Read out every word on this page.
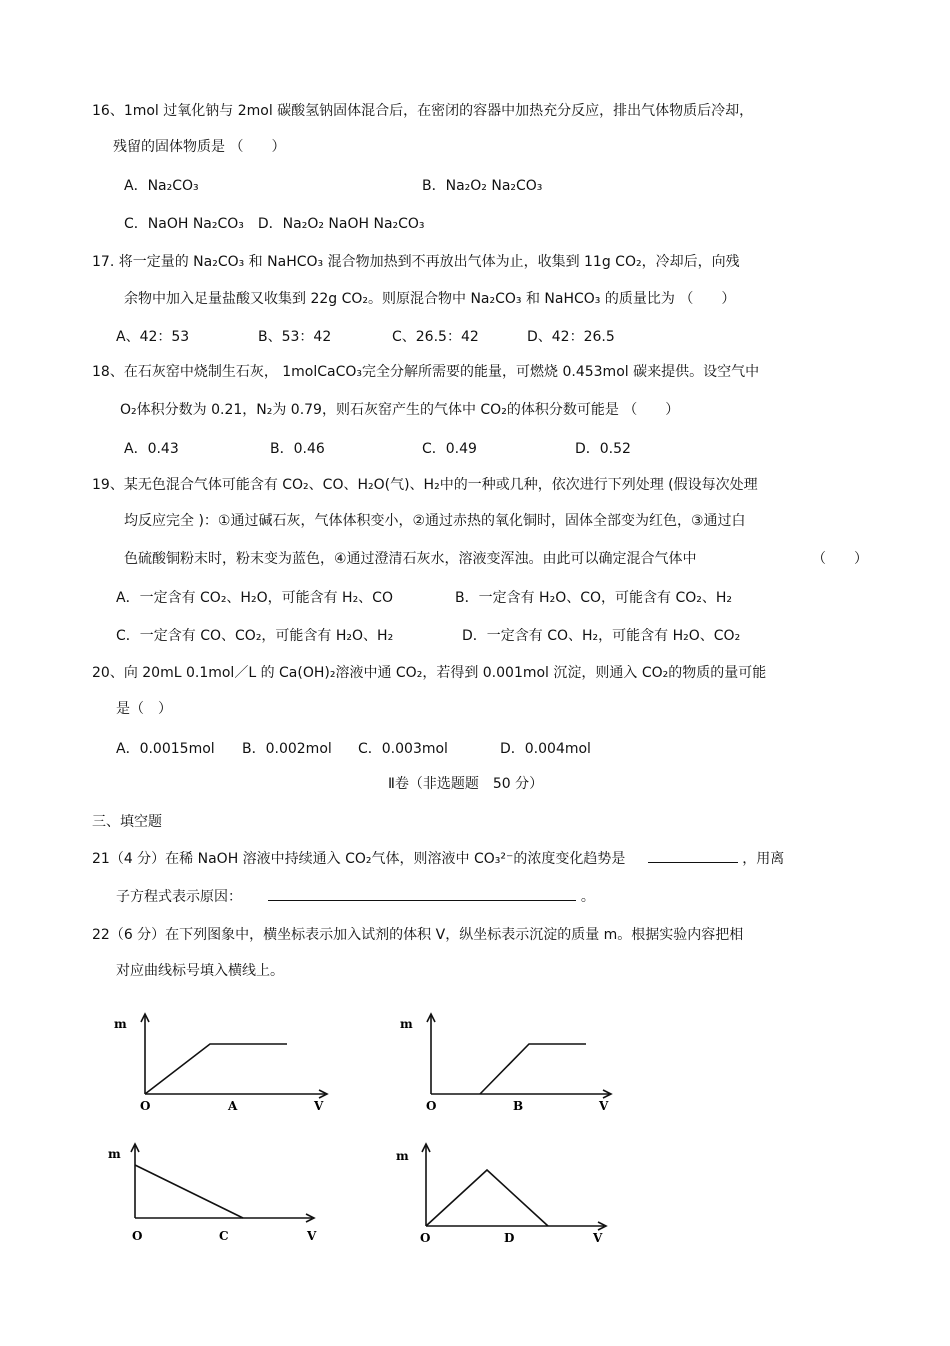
16、1mol 过氧化钠与 2mol 碳酸氢钠固体混合后，在密闭的容器中加热充分反应，排出气体物质后冷却，
残留的固体物质是 （　　）
A．Na₂CO₃	B．Na₂O₂ Na₂CO₃
C．NaOH Na₂CO₃　D．Na₂O₂ NaOH Na₂CO₃
17. 将一定量的 Na₂CO₃ 和 NaHCO₃ 混合物加热到不再放出气体为止，收集到 11g CO₂，冷却后，向残
余物中加入足量盐酸又收集到 22g CO₂。则原混合物中 Na₂CO₃ 和 NaHCO₃ 的质量比为 （　　）
A、42：53	B、53：42	C、26.5：42	D、42：26.5
18、在石灰窑中烧制生石灰， 1molCaCO₃完全分解所需要的能量，可燃烧 0.453mol 碳来提供。设空气中
O₂体积分数为 0.21，N₂为 0.79，则石灰窑产生的气体中 CO₂的体积分数可能是 （　　）
A．0.43	B．0.46	C．0.49	D．0.52
19、某无色混合气体可能含有 CO₂、CO、H₂O(气)、H₂中的一种或几种，依次进行下列处理 (假设每次处理
均反应完全 )：①通过碱石灰，气体体积变小，②通过赤热的氧化铜时，固体全部变为红色，③通过白
色硫酸铜粉末时，粉末变为蓝色，④通过澄清石灰水，溶液变浑浊。由此可以确定混合气体中	（　　）
A．一定含有 CO₂、H₂O，可能含有 H₂、CO	B．一定含有 H₂O、CO，可能含有 CO₂、H₂
C．一定含有 CO、CO₂，可能含有 H₂O、H₂	D．一定含有 CO、H₂，可能含有 H₂O、CO₂
20、向 20mL 0.1mol／L 的 Ca(OH)₂溶液中通 CO₂，若得到 0.001mol 沉淀，则通入 CO₂的物质的量可能
是（　）
A．0.0015mol B．0.002mol C．0.003mol	D．0.004mol
Ⅱ卷（非选题题　50 分）
三、填空题
21（4 分）在稀 NaOH 溶液中持续通入 CO₂气体，则溶液中 CO₃²⁻的浓度变化趋势是	，用离
子方程式表示原因：	。
22（6 分）在下列图象中，横坐标表示加入试剂的体积 V，纵坐标表示沉淀的质量 m。根据实验内容把相
对应曲线标号填入横线上。
m
O	A	V
m
O	B	V
m
O	C	V
m
O	D	V
